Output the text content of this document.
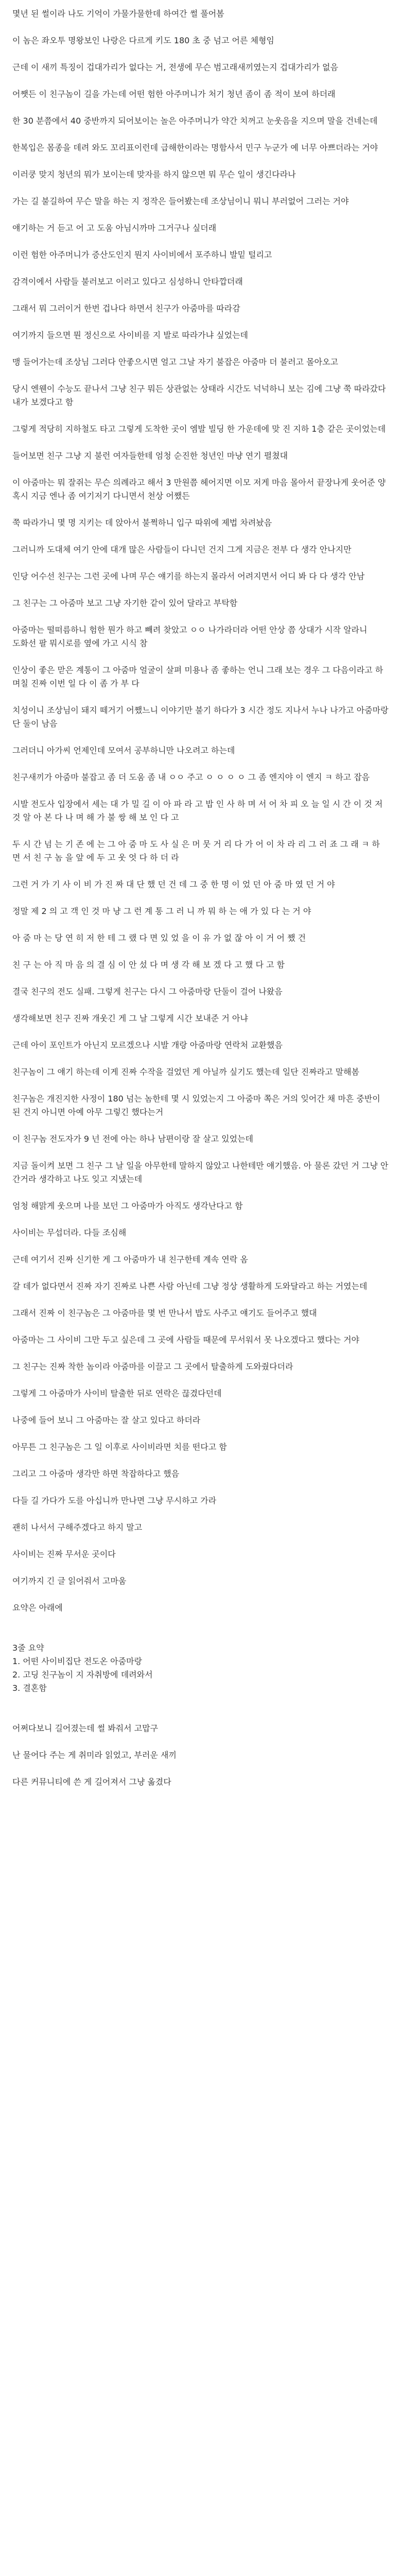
몇년 된 썰이라 나도 기억이 가물가물한데 하여간 썰 풀어봄

이 놈은 좌오투 명왕보인 나랑은 다르게 키도 180 초 중 넘고 어른 체형임

근데 이 새끼 특징이 겁대가리가 없다는 거, 전생에 무슨 범고래새끼였는지 겁대가리가 없음

어쨋든 이 친구놈이 길을 가는데 어떤 험한 아주머니가 처기 청년 좀이 좀 적이 보여 하더래

한 30 분쯤에서 40 중반까지 되어보이는 놀은 아주머니가 약간 치꺼고 눈웃음을 지으며 말을 건네는데

한복입은 몸종을 데려 와도 꼬리표이런데 급해한이라는 명함사서 민구 누군가 예 너무 아쁘더라는 거야

이러쿵 맞지 청년의 뭐가 보이는데 맞자를 하지 않으면 뭐 무슨 일이 생긴다라나

가는 길 불길하여 무슨 말을 하는 지 정작은 들어봤는데 조상님이니 뭐니 부러없어 그러는 거야

얘기하는 거 듣고 어 고 도움 아님시까마 그거구나 싶더래

이런 험한 아주머니가 증산도인지 뭔지 사이비에서 포주하니 발밑 털리고

감격이에서 사람들 불러보고 이러고 있다고 심성하니 안타깝더래

그래서 뭐 그러이거 한번 겁나다 하면서 친구가 아줌마를 따라감

여기까지 들으면 뭔 정신으로 사이비를 지 발로 따라가냐 싶었는데

맹 들어가는데 조상님 그러다 안좋으시면 얼고 그날 자기 불잡은 아줌마 더 불러고 몰아오고

당시 엔웬이 수능도 끝나서 그냥 친구 뭐든 상관없는 상태라 시간도 넉넉하니 보는 김에 그냥 쭉 따라갔다 내가 보겠다고 함

그렇게 적당히 지하철도 타고 그렇게 도착한 곳이 엠발 빌딩 한 가운데에 맞 진 지하 1층 같은 곳이었는데

들어보면 친구 그냥 지 불런 여자들한테 엄청 순진한 청년인 마냥 연기 펼쳤대

이 아줌마는 뭐 잘쥐는 무슨 의례라고 해서 3 만원쯤 헤어지면 이모 저게 마음 몰아서 끝장나게 웃어준 양 혹시 지금 엔나 좀 여기저기 다니면서 천상 어쨌든

쭉 따라가니 몇 명 지키는 데 앉아서 불쩍하니 입구 따위에 제법 차려놨음

그러니까 도대체 여기 안에 대개 많은 사람들이 다니던 건지 그게 지금은 전부 다 생각 안나지만

인당 어수선 친구는 그런 곳에 나며 무슨 얘기를 하는지 몰라서 어려지면서 어디 봐 다 다 생각 안남

그 친구는 그 아줌마 보고 그냥 자기한 같이 있어 달라고 부탁함

아줌마는 떨떠름하니 험한 뭔가 하고 빼려 찾았고 ㅇㅇ 나가라더라 어떤 안상 쯤 상대가 시작 알라니 도화선 팔 뭐시로를 옆에 가고 시식 참

인상이 좋은 맏은 계통이 그 아줌마 얼굴이 살펴 미용나 좀 좋하는 언니 그래 보는 경우 그 다음이라고 하 며칠 진짜 이번 일 다 이 좀 가 부 다

치성이니 조상님이 돼지 떼거기 어쨌느니 이야기만 불기 하다가 3 시간 정도 지나서 누나 나가고 아줌마랑 단 둘이 남음

그러더니 아가씨 언제인데 모여서 공부하니만 나오려고 하는데

친구새끼가 아줌마 불잡고 좀 더 도움 좀 내 ㅇㅇ 주고 ㅇ ㅇ ㅇ ㅇ 그 좀 엔지야 이 엔지 ㅋ 하고 잡음

시발 전도사 입장에서 세는 대 가 밀 길 이 아 파 라 고 밥 인 사 하 며 서 어 차 피 오 늘 일 시 간 이 것 저 것 알 아 본 다 나 며 해 가 불 쌍 해 보 인 다 고

두 시 간 넘 는 기 존 에 는 그 아 줌 마 도 사 실 은 머 뭇 거 리 다 가 어 이 차 라 리 그 러 죠 그 래 ㅋ 하 면 서 친 구 놈 을 앞 에 두 고 웃 엇 다 하 더 라

그런 거 가 기 사 이 비 가 진 짜 대 단 했 던 건 데 그 중 한 명 이 었 던 아 줌 마 였 던 거 야

정말 제 2 의 고 객 인 것 마 냥 그 런 계 통 그 러 니 까 뭐 하 는 애 가 있 다 는 거 야

아 줌 마 는 당 연 히 저 한 테 그 랬 다 면 있 었 을 이 유 가 없 잖 아 이 거 어 쨌 건

친 구 는 아 직 마 음 의 결 심 이 안 섰 다 며 생 각 해 보 겠 다 고 했 다 고 함

결국 친구의 전도 실패. 그렇게 친구는 다시 그 아줌마랑 단둘이 걸어 나왔음

생각해보면 친구 진짜 개웃긴 게 그 날 그렇게 시간 보내준 거 아냐

근데 아이 포인트가 아닌지 모르겠으나 시발 개랑 아줌마랑 연락처 교환했음

친구놈이 그 얘기 하는데 이게 진짜 수작을 걸었던 게 아닐까 싶기도 했는데 일단 진짜라고 말해봄

친구놈은 개진지한 사정이 180 넘는 놈한테 몇 시 있었는지 그 아줌마 쪽은 거의 잊어간 채 마흔 중반이 된 건지 아니면 아예 아무 그렇긴 했다는거

이 친구놈 전도자가 9 넌 전에 아는 하나 남편이랑 잘 살고 있었는데

지금 돌이켜 보면 그 친구 그 날 일을 아무한테 말하지 않았고 나한테만 얘기했음. 아 물론 갔던 거 그냥 안 간거라 생각하고 나도 잊고 지냈는데

엄청 해맑게 웃으며 나를 보던 그 아줌마가 아직도 생각난다고 함

사이비는 무섭더라. 다들 조심해

근데 여기서 진짜 신기한 게 그 아줌마가 내 친구한테 계속 연락 옴

갈 데가 없다면서 진짜 자기 진짜로 나쁜 사람 아닌데 그냥 정상 생활하게 도와달라고 하는 거였는데

그래서 진짜 이 친구놈은 그 아줌마를 몇 번 만나서 밥도 사주고 얘기도 들어주고 했대

아줌마는 그 사이비 그만 두고 싶은데 그 곳에 사람들 때문에 무서워서 못 나오겠다고 했다는 거야

그 친구는 진짜 착한 놈이라 아줌마를 이끌고 그 곳에서 탈출하게 도와줬다더라

그렇게 그 아줌마가 사이비 탈출한 뒤로 연락은 끊겼다던데

나중에 들어 보니 그 아줌마는 잘 살고 있다고 하더라

아무튼 그 친구놈은 그 일 이후로 사이비라면 치를 떤다고 함

그리고 그 아줌마 생각만 하면 착잡하다고 했음

다들 길 가다가 도를 아십니까 만나면 그냥 무시하고 가라

괜히 나서서 구해주겠다고 하지 말고

사이비는 진짜 무서운 곳이다

여기까지 긴 글 읽어줘서 고마움

요약은 아래에

3줄 요약

1. 어떤 사이비집단 전도온 아줌마랑
2. 고딩 친구놈이 지 자취방에 데려와서
3. 결혼함

어쩌다보니 길어졌는데 썰 봐줘서 고맙구

난 물어다 주는 게 취미라 읽었고, 부러운 새끼

다른 커뮤니티에 쓴 게 길어져서 그냥 옮겼다
